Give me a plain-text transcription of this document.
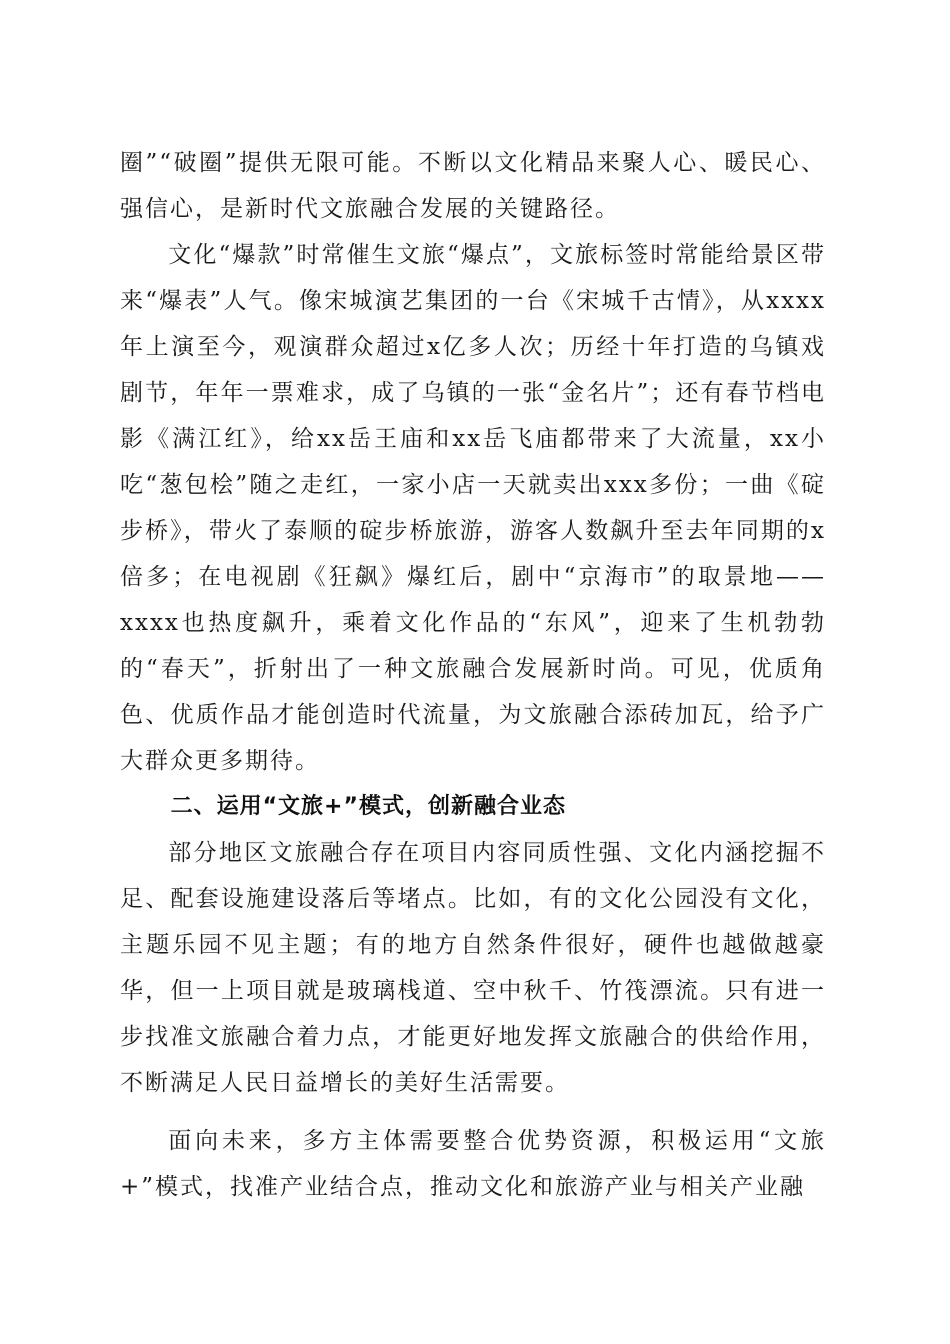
圈”“破圈”提供无限可能。不断以文化精品来聚人心、暖民心、强信心，是新时代文旅融合发展的关键路径。

文化“爆款”时常催生文旅“爆点”，文旅标签时常能给景区带来“爆表”人气。像宋城演艺集团的一台《宋城千古情》，从xxxx年上演至今，观演群众超过x亿多人次；历经十年打造的乌镇戏剧节，年年一票难求，成了乌镇的一张“金名片”；还有春节档电影《满江红》，给xx岳王庙和xx岳飞庙都带来了大流量，xx小吃“葱包桧”随之走红，一家小店一天就卖出xxx多份；一曲《碇步桥》，带火了泰顺的碇步桥旅游，游客人数飙升至去年同期的x倍多；在电视剧《狂飙》爆红后，剧中“京海市”的取景地——xxxx也热度飙升，乘着文化作品的“东风”，迎来了生机勃勃的“春天”，折射出了一种文旅融合发展新时尚。可见，优质角色、优质作品才能创造时代流量，为文旅融合添砖加瓦，给予广大群众更多期待。

二、运用“文旅+”模式，创新融合业态

部分地区文旅融合存在项目内容同质性强、文化内涵挖掘不足、配套设施建设落后等堵点。比如，有的文化公园没有文化，主题乐园不见主题；有的地方自然条件很好，硬件也越做越豪华，但一上项目就是玻璃栈道、空中秋千、竹筏漂流。只有进一步找准文旅融合着力点，才能更好地发挥文旅融合的供给作用，不断满足人民日益增长的美好生活需要。

面向未来，多方主体需要整合优势资源，积极运用“文旅+”模式，找准产业结合点，推动文化和旅游产业与相关产业融
